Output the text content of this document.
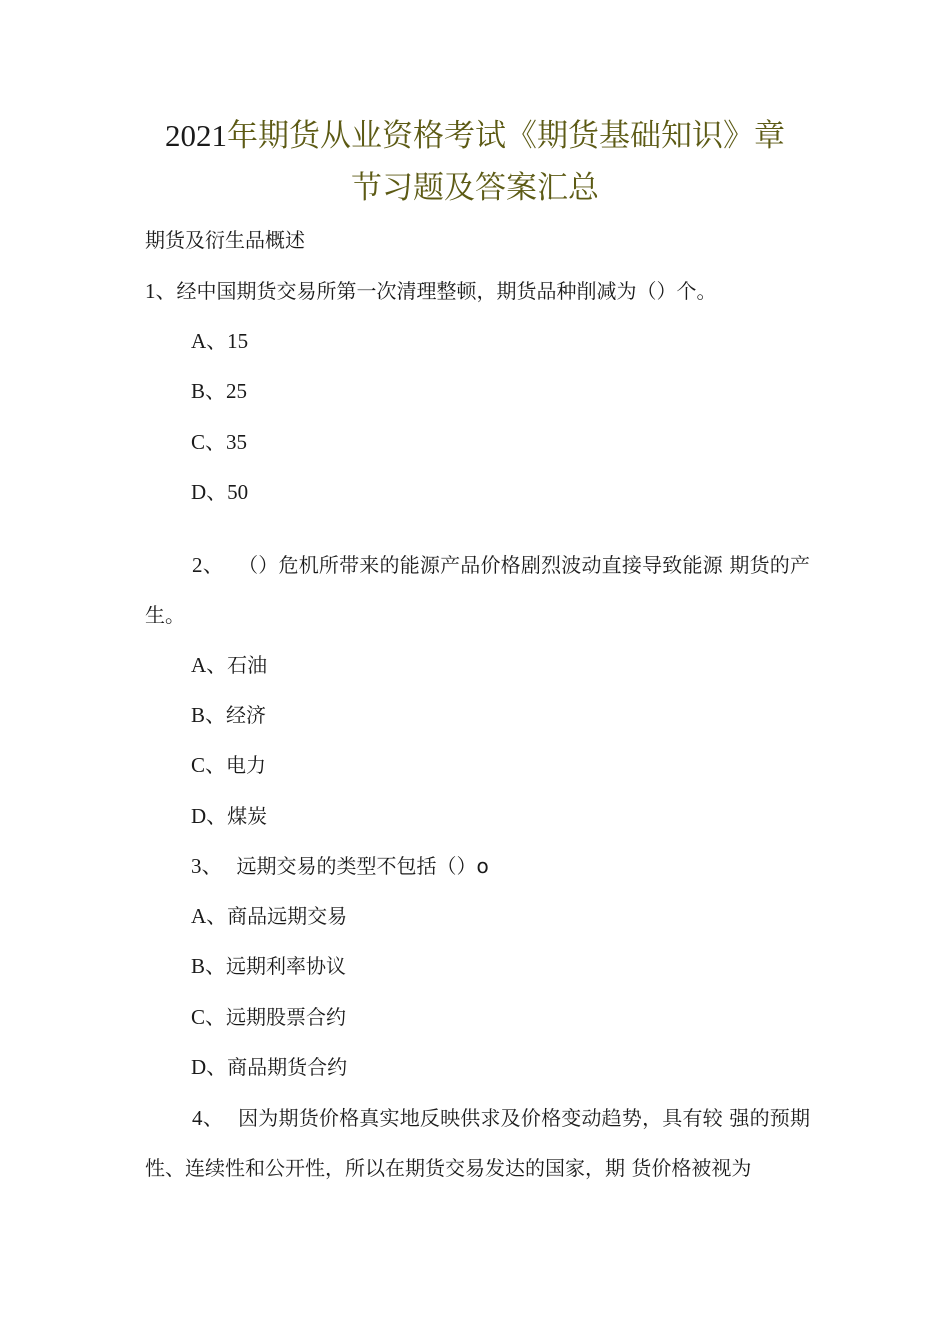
2021年期货从业资格考试《期货基础知识》章
节习题及答案汇总
期货及衍生品概述
1、经中国期货交易所第一次清理整顿，期货品种削减为（）个。
A、15
B、25
C、35
D、50
2、 （）危机所带来的能源产品价格剧烈波动直接导致能源 期货的产生。
A、石油
B、经济
C、电力
D、煤炭
3、 远期交易的类型不包括（）o
A、商品远期交易
B、远期利率协议
C、远期股票合约
D、商品期货合约
4、 因为期货价格真实地反映供求及价格变动趋势，具有较 强的预期性、连续性和公开性，所以在期货交易发达的国家，期 货价格被视为
